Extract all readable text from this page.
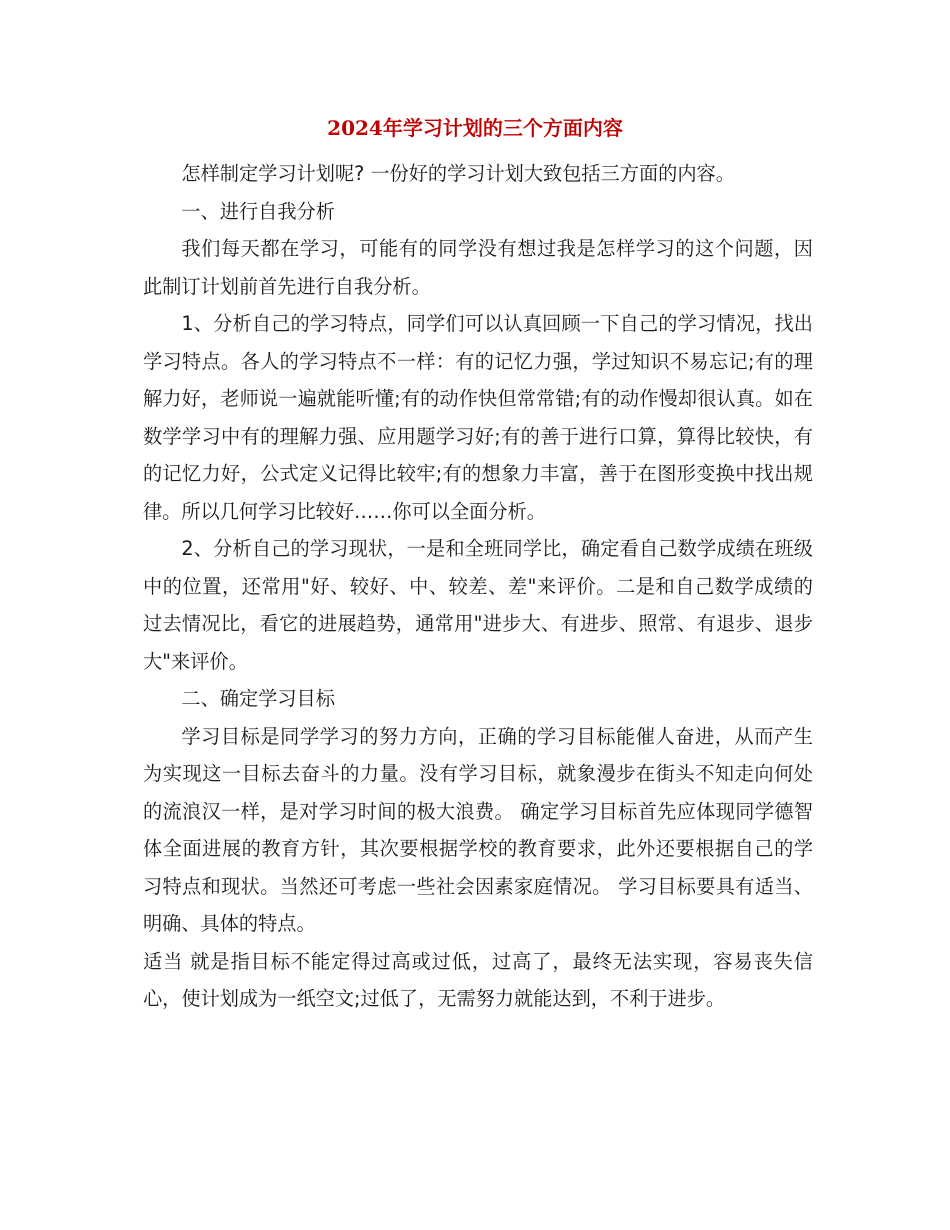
2024年学习计划的三个方面内容

怎样制定学习计划呢? 一份好的学习计划大致包括三方面的内容。

一、进行自我分析

我们每天都在学习，可能有的同学没有想过我是怎样学习的这个问题，因此制订计划前首先进行自我分析。

1、分析自己的学习特点，同学们可以认真回顾一下自己的学习情况，找出学习特点。各人的学习特点不一样：有的记忆力强，学过知识不易忘记;有的理解力好，老师说一遍就能听懂;有的动作快但常常错;有的动作慢却很认真。如在数学学习中有的理解力强、应用题学习好;有的善于进行口算，算得比较快，有的记忆力好，公式定义记得比较牢;有的想象力丰富，善于在图形变换中找出规律。所以几何学习比较好……你可以全面分析。

2、分析自己的学习现状，一是和全班同学比，确定看自己数学成绩在班级中的位置，还常用"好、较好、中、较差、差"来评价。二是和自己数学成绩的过去情况比，看它的进展趋势，通常用"进步大、有进步、照常、有退步、退步大"来评价。

二、确定学习目标

学习目标是同学学习的努力方向，正确的学习目标能催人奋进，从而产生为实现这一目标去奋斗的力量。没有学习目标，就象漫步在街头不知走向何处的流浪汉一样，是对学习时间的极大浪费。 确定学习目标首先应体现同学德智体全面进展的教育方针，其次要根据学校的教育要求，此外还要根据自己的学习特点和现状。当然还可考虑一些社会因素家庭情况。 学习目标要具有适当、明确、具体的特点。

适当 就是指目标不能定得过高或过低，过高了，最终无法实现，容易丧失信心，使计划成为一纸空文;过低了，无需努力就能达到，不利于进步。
